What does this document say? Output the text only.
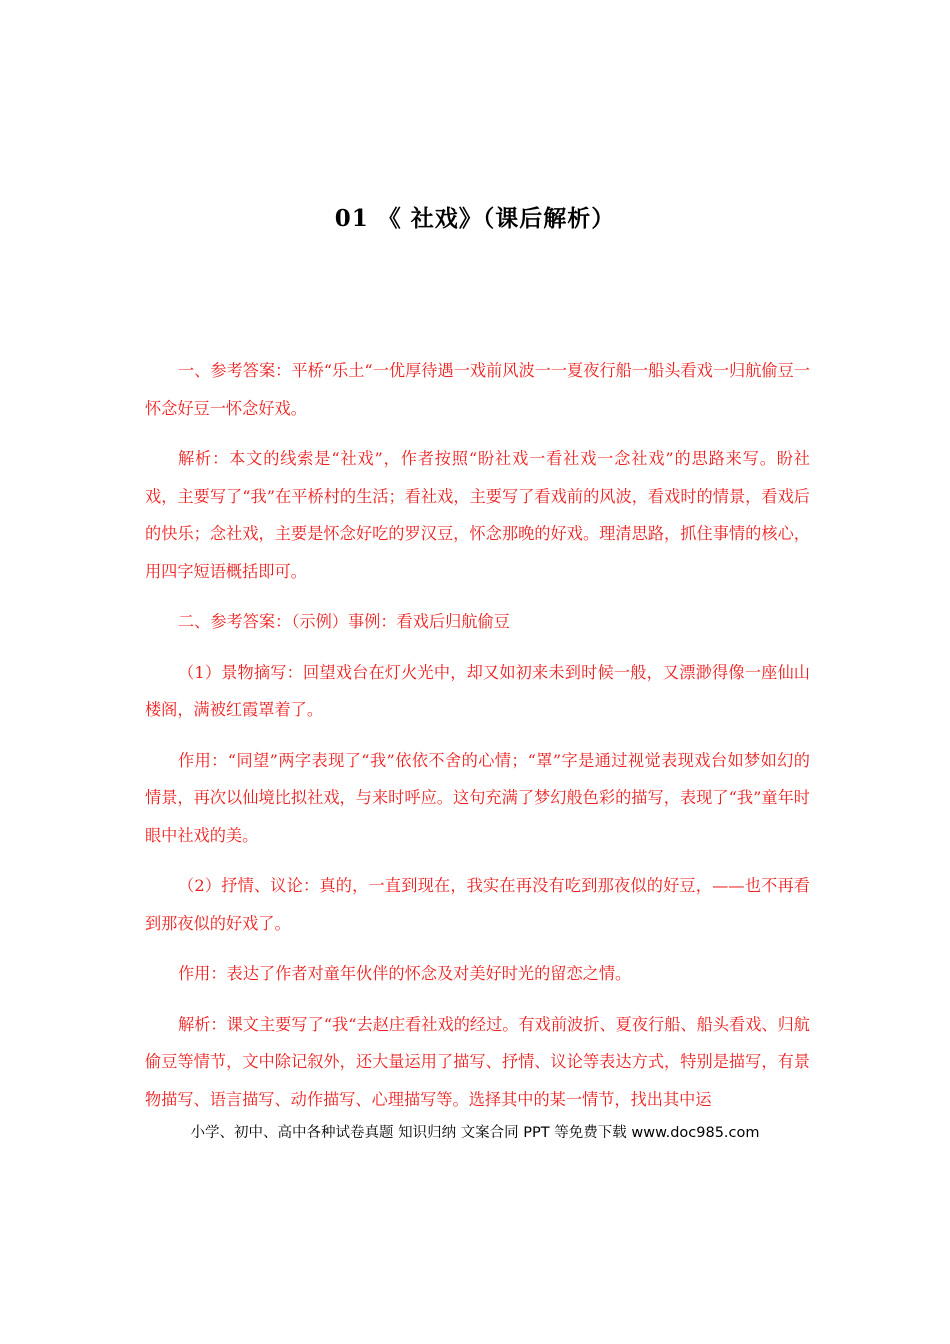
01 《 社戏》（课后解析）

一、参考答案：平桥“乐土“一优厚待遇一戏前风波一一夏夜行船一船头看戏一归航偷豆一怀念好豆一怀念好戏。

解析：本文的线索是“社戏”，作者按照“盼社戏一看社戏一念社戏”的思路来写。盼社戏，主要写了“我”在平桥村的生活；看社戏，主要写了看戏前的风波，看戏时的情景，看戏后的快乐；念社戏，主要是怀念好吃的罗汉豆，怀念那晚的好戏。理清思路，抓住事情的核心，用四字短语概括即可。

二、参考答案：（示例）事例：看戏后归航偷豆

（1）景物摘写：回望戏台在灯火光中，却又如初来未到时候一般，又漂渺得像一座仙山楼阁，满被红霞罩着了。

作用：“同望”两字表现了“我”依依不舍的心情；“罩”字是通过视觉表现戏台如梦如幻的情景，再次以仙境比拟社戏，与来时呼应。这句充满了梦幻般色彩的描写，表现了“我”童年时眼中社戏的美。

（2）抒情、议论：真的，一直到现在，我实在再没有吃到那夜似的好豆，——也不再看到那夜似的好戏了。

作用：表达了作者对童年伙伴的怀念及对美好时光的留恋之情。

解析：课文主要写了“我“去赵庄看社戏的经过。有戏前波折、夏夜行船、船头看戏、归航偷豆等情节，文中除记叙外，还大量运用了描写、抒情、议论等表达方式，特别是描写，有景物描写、语言描写、动作描写、心理描写等。选择其中的某一情节，找出其中运

小学、初中、高中各种试卷真题 知识归纳 文案合同 PPT 等免费下载 www.doc985.com
